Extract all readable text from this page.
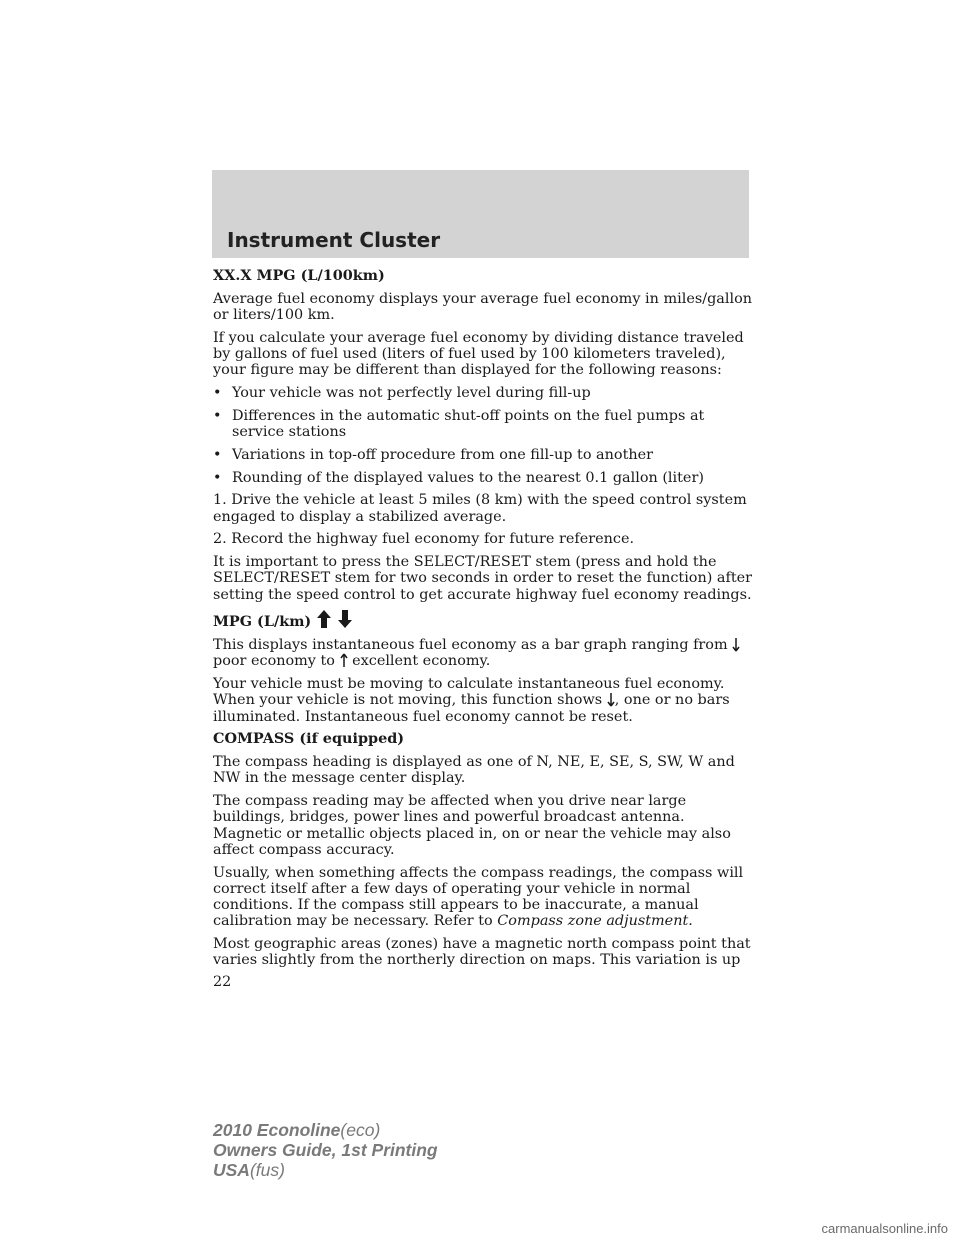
Instrument Cluster
XX.X MPG (L/100km)

Average fuel economy displays your average fuel economy in miles/gallon or liters/100 km.

If you calculate your average fuel economy by dividing distance traveled by gallons of fuel used (liters of fuel used by 100 kilometers traveled), your figure may be different than displayed for the following reasons:

• Your vehicle was not perfectly level during fill-up
• Differences in the automatic shut-off points on the fuel pumps at service stations
• Variations in top-off procedure from one fill-up to another
• Rounding of the displayed values to the nearest 0.1 gallon (liter)

1. Drive the vehicle at least 5 miles (8 km) with the speed control system engaged to display a stabilized average.

2. Record the highway fuel economy for future reference.

It is important to press the SELECT/RESET stem (press and hold the SELECT/RESET stem for two seconds in order to reset the function) after setting the speed control to get accurate highway fuel economy readings.

MPG (L/km)

This displays instantaneous fuel economy as a bar graph ranging from  poor economy to excellent economy.

Your vehicle must be moving to calculate instantaneous fuel economy. When your vehicle is not moving, this function shows , one or no bars illuminated. Instantaneous fuel economy cannot be reset.

COMPASS (if equipped)

The compass heading is displayed as one of N, NE, E, SE, S, SW, W and NW in the message center display.

The compass reading may be affected when you drive near large buildings, bridges, power lines and powerful broadcast antenna. Magnetic or metallic objects placed in, on or near the vehicle may also affect compass accuracy.

Usually, when something affects the compass readings, the compass will correct itself after a few days of operating your vehicle in normal conditions. If the compass still appears to be inaccurate, a manual calibration may be necessary. Refer to Compass zone adjustment.

Most geographic areas (zones) have a magnetic north compass point that varies slightly from the northerly direction on maps. This variation is up

22
2010 Econoline(eco)
Owners Guide, 1st Printing
USA(fus)
carmanualsonline.info
